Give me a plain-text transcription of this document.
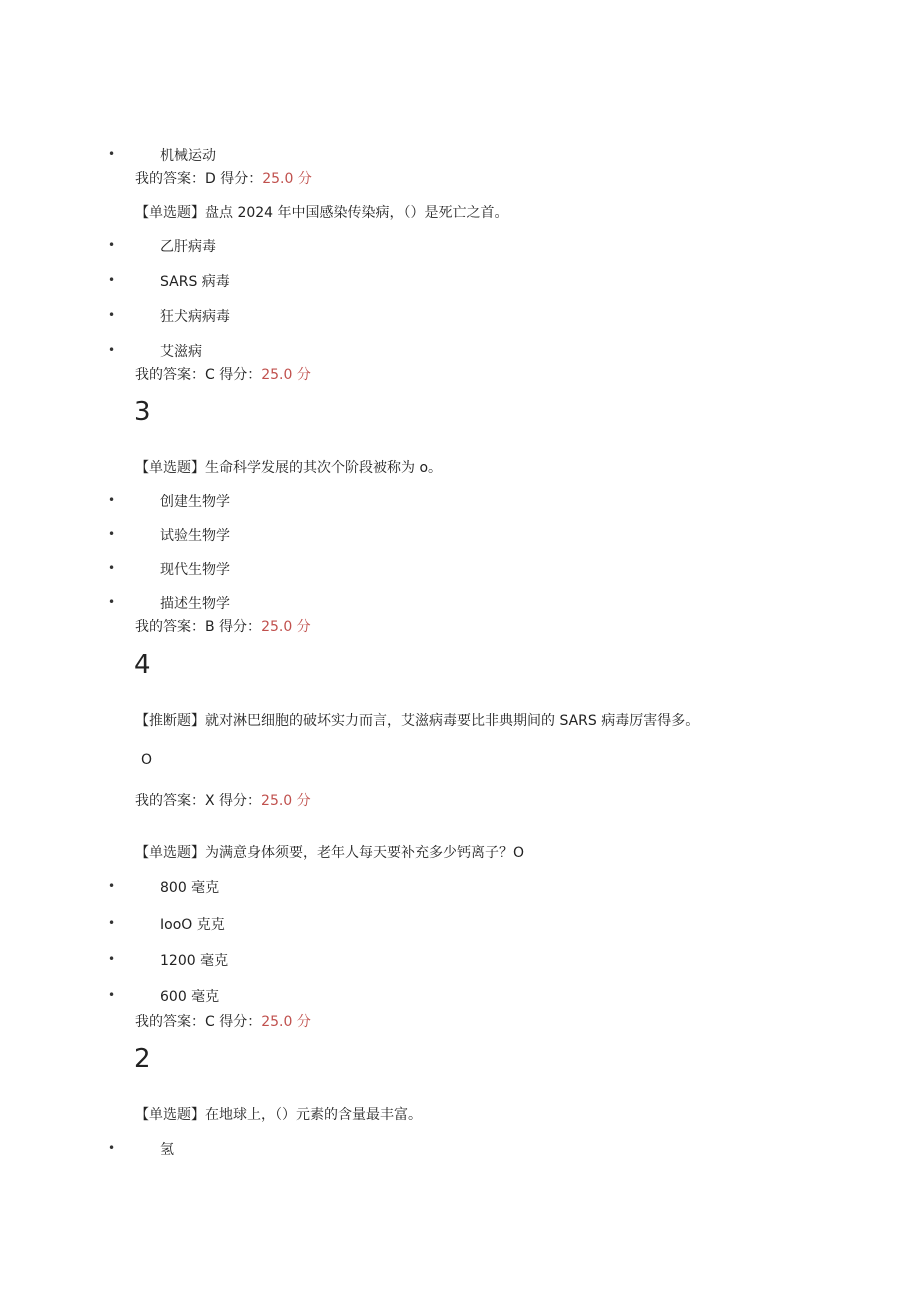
•	机械运动
我的答案：D 得分：25.0 分
【单选题】盘点 2024 年中国感染传染病，（）是死亡之首。
•	乙肝病毒
•	SARS 病毒
•	狂犬病病毒
•	艾滋病
我的答案：C 得分：25.0 分
3
【单选题】生命科学发展的其次个阶段被称为 o。
•	创建生物学
•	试验生物学
•	现代生物学
•	描述生物学
我的答案：B 得分：25.0 分
4
【推断题】就对淋巴细胞的破坏实力而言，艾滋病毒要比非典期间的 SARS 病毒厉害得多。
O
我的答案：X 得分：25.0 分
【单选题】为满意身体须要，老年人每天要补充多少钙离子？O
•	800 毫克
•	IooO 克克
•	1200 毫克
•	600 毫克
我的答案：C 得分：25.0 分
2
【单选题】在地球上，（）元素的含量最丰富。
•	氢
